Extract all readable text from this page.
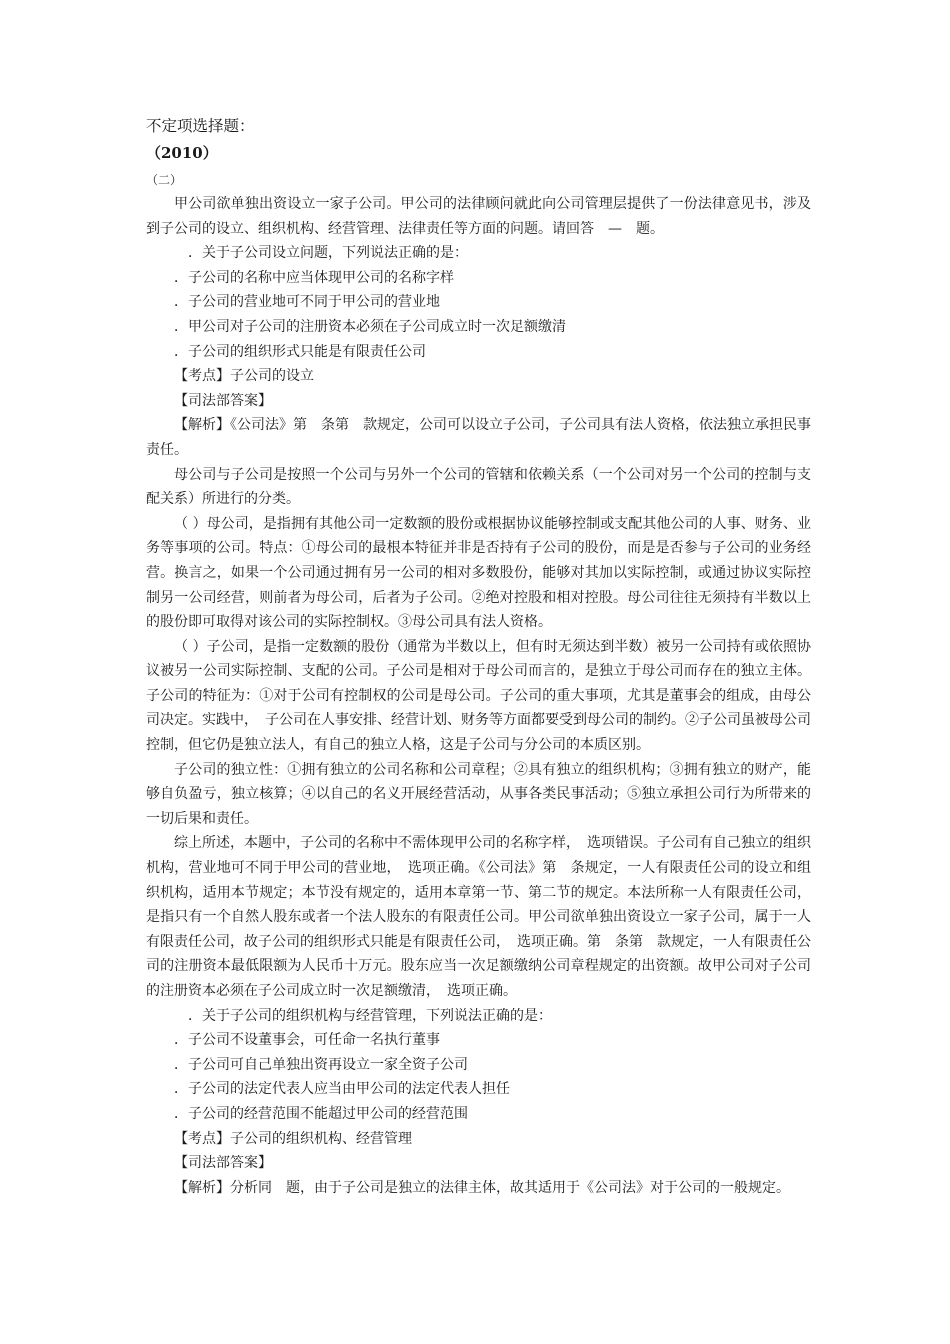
不定项选择题：
（2010）
（二）

甲公司欲单独出资设立一家子公司。甲公司的法律顾问就此向公司管理层提供了一份法律意见书，涉及到子公司的设立、组织机构、经营管理、法律责任等方面的问题。请回答　—　题。

．关于子公司设立问题，下列说法正确的是：

．子公司的名称中应当体现甲公司的名称字样

．子公司的营业地可不同于甲公司的营业地

．甲公司对子公司的注册资本必须在子公司成立时一次足额缴清

．子公司的组织形式只能是有限责任公司

【考点】子公司的设立

【司法部答案】

【解析】《公司法》第　条第　款规定，公司可以设立子公司，子公司具有法人资格，依法独立承担民事责任。

母公司与子公司是按照一个公司与另外一个公司的管辖和依赖关系（一个公司对另一个公司的控制与支配关系）所进行的分类。

（ ）母公司，是指拥有其他公司一定数额的股份或根据协议能够控制或支配其他公司的人事、财务、业务等事项的公司。特点：①母公司的最根本特征并非是否持有子公司的股份，而是是否参与子公司的业务经营。换言之，如果一个公司通过拥有另一公司的相对多数股份，能够对其加以实际控制，或通过协议实际控制另一公司经营，则前者为母公司，后者为子公司。②绝对控股和相对控股。母公司往往无须持有半数以上的股份即可取得对该公司的实际控制权。③母公司具有法人资格。

（ ）子公司，是指一定数额的股份（通常为半数以上，但有时无须达到半数）被另一公司持有或依照协议被另一公司实际控制、支配的公司。子公司是相对于母公司而言的，是独立于母公司而存在的独立主体。子公司的特征为：①对于公司有控制权的公司是母公司。子公司的重大事项，尤其是董事会的组成，由母公司决定。实践中，　子公司在人事安排、经营计划、财务等方面都要受到母公司的制约。②子公司虽被母公司控制，但它仍是独立法人，有自己的独立人格，这是子公司与分公司的本质区别。

子公司的独立性：①拥有独立的公司名称和公司章程；②具有独立的组织机构；③拥有独立的财产，能够自负盈亏，独立核算；④以自己的名义开展经营活动，从事各类民事活动；⑤独立承担公司行为所带来的一切后果和责任。

综上所述，本题中，子公司的名称中不需体现甲公司的名称字样，　选项错误。子公司有自己独立的组织机构，营业地可不同于甲公司的营业地，　选项正确。《公司法》第　条规定，一人有限责任公司的设立和组织机构，适用本节规定；本节没有规定的，适用本章第一节、第二节的规定。本法所称一人有限责任公司，是指只有一个自然人股东或者一个法人股东的有限责任公司。甲公司欲单独出资设立一家子公司，属于一人有限责任公司，故子公司的组织形式只能是有限责任公司，　选项正确。第　条第　款规定，一人有限责任公司的注册资本最低限额为人民币十万元。股东应当一次足额缴纳公司章程规定的出资额。故甲公司对子公司的注册资本必须在子公司成立时一次足额缴清，　选项正确。

．关于子公司的组织机构与经营管理，下列说法正确的是：

．子公司不设董事会，可任命一名执行董事

．子公司可自己单独出资再设立一家全资子公司

．子公司的法定代表人应当由甲公司的法定代表人担任

．子公司的经营范围不能超过甲公司的经营范围

【考点】子公司的组织机构、经营管理

【司法部答案】

【解析】分析同　题，由于子公司是独立的法律主体，故其适用于《公司法》对于公司的一般规定。
